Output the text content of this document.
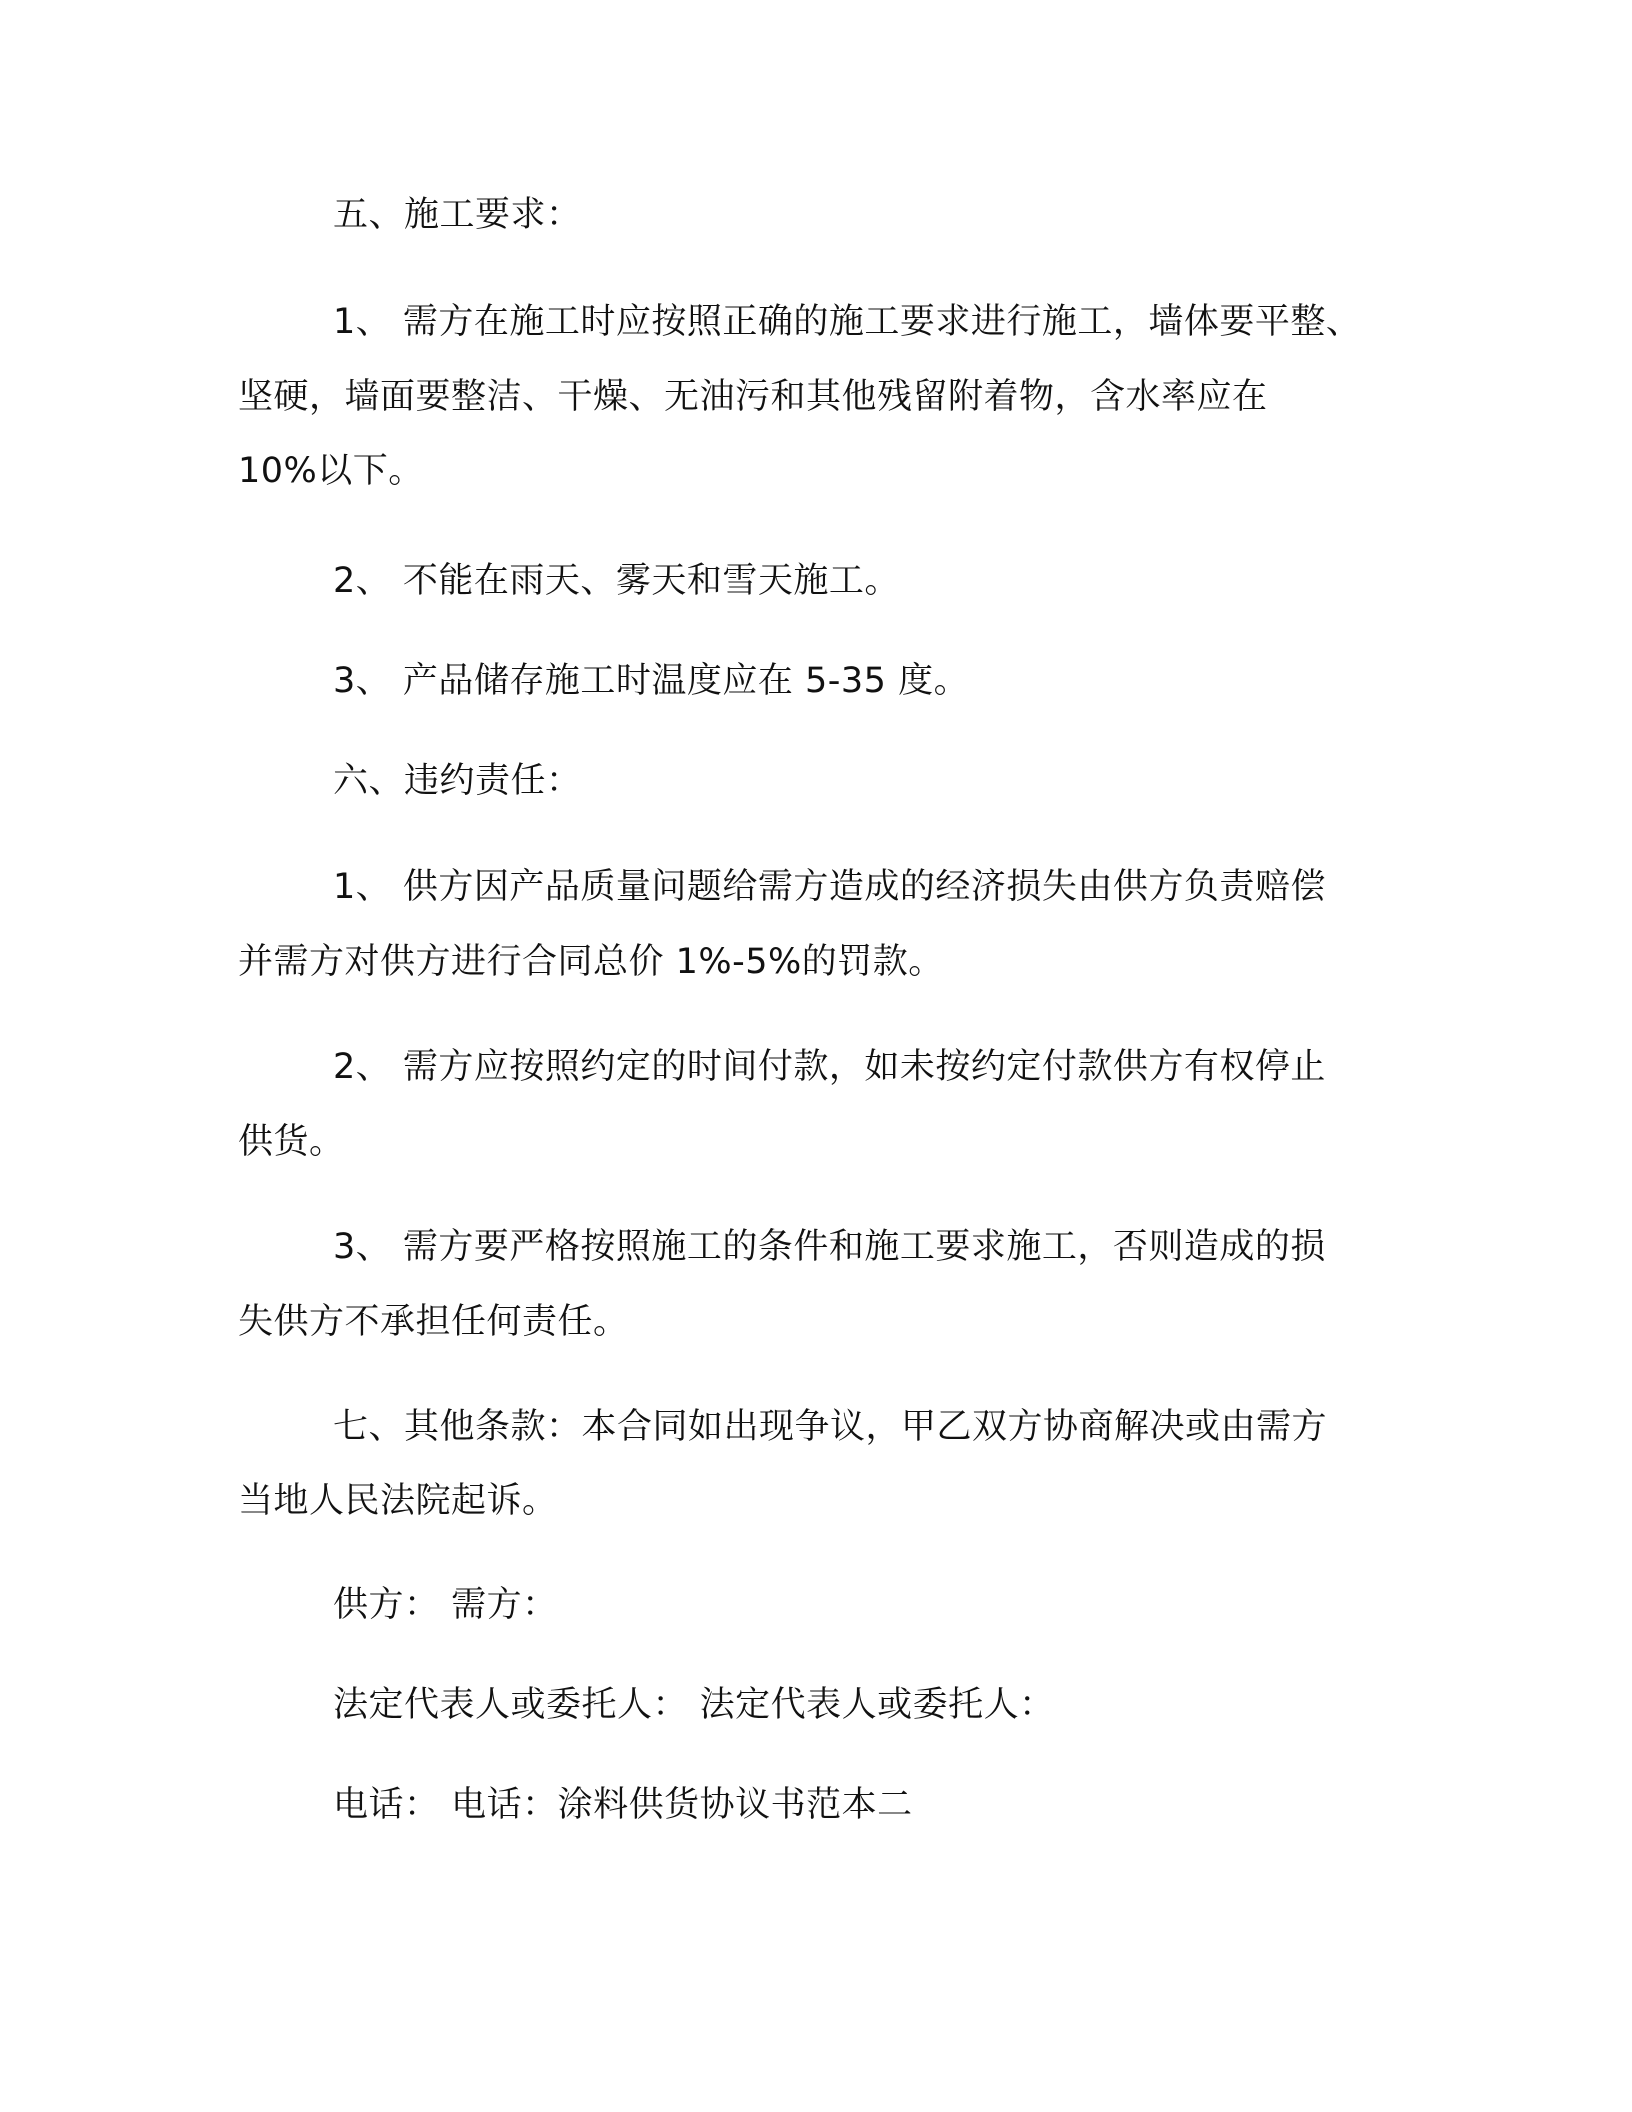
五、施工要求：
1、 需方在施工时应按照正确的施工要求进行施工，墙体要平整、
坚硬，墙面要整洁、干燥、无油污和其他残留附着物，含水率应在
10%以下。
2、 不能在雨天、雾天和雪天施工。
3、 产品储存施工时温度应在 5-35 度。
六、违约责任：
1、 供方因产品质量问题给需方造成的经济损失由供方负责赔偿
并需方对供方进行合同总价 1%-5%的罚款。
2、 需方应按照约定的时间付款，如未按约定付款供方有权停止
供货。
3、 需方要严格按照施工的条件和施工要求施工，否则造成的损
失供方不承担任何责任。
七、其他条款：本合同如出现争议，甲乙双方协商解决或由需方
当地人民法院起诉。
供方： 需方：
法定代表人或委托人： 法定代表人或委托人：
电话： 电话：涂料供货协议书范本二
